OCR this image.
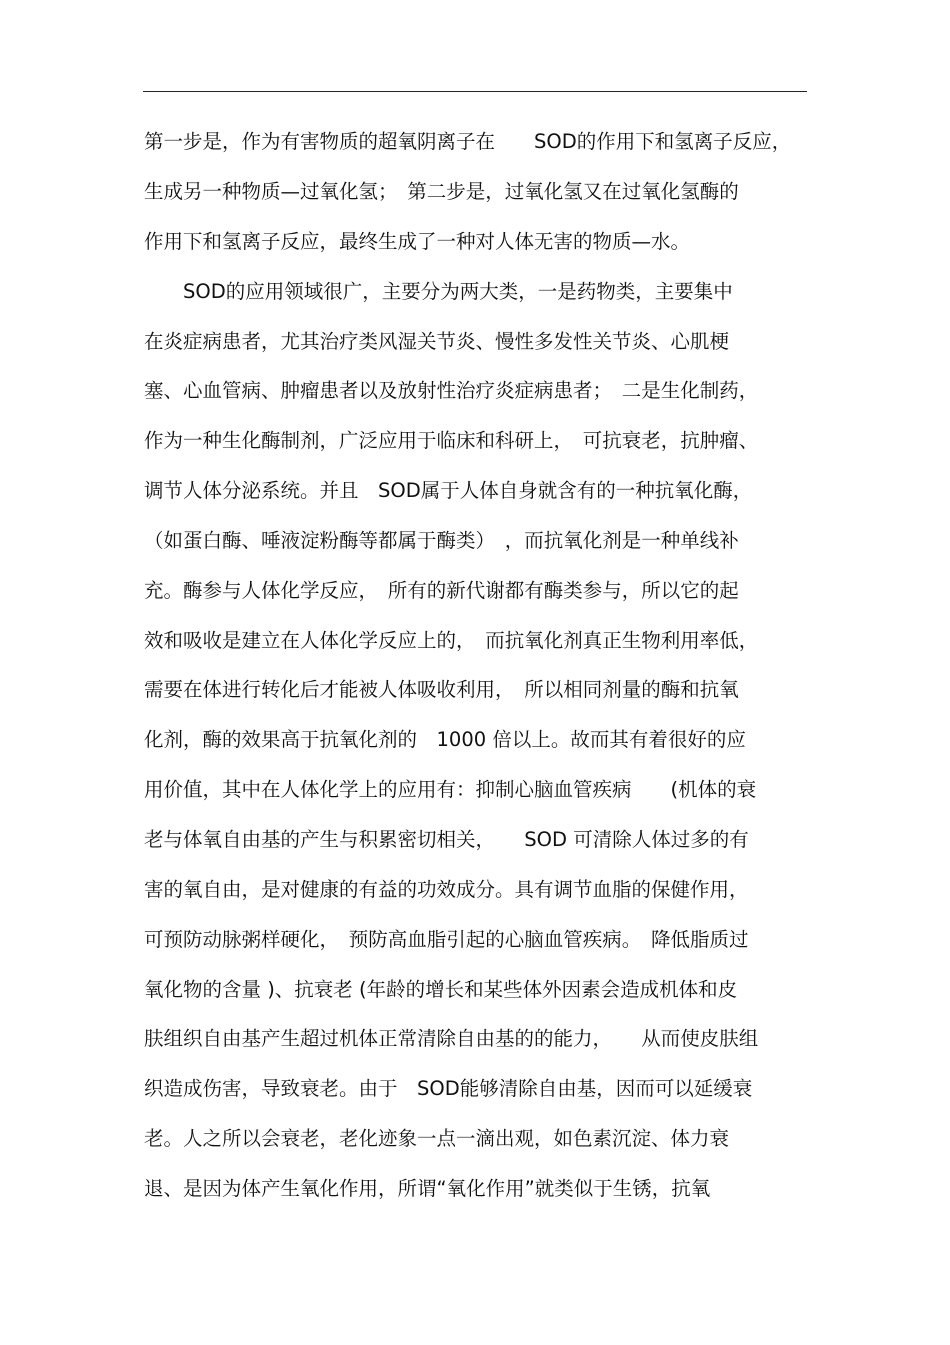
第一步是，作为有害物质的超氧阴离子在　　SOD的作用下和氢离子反应，
生成另一种物质—过氧化氢；　第二步是，过氧化氢又在过氧化氢酶的
作用下和氢离子反应，最终生成了一种对人体无害的物质—水。
　　SOD的应用领域很广，主要分为两大类，一是药物类，主要集中
在炎症病患者，尤其治疗类风湿关节炎、慢性多发性关节炎、心肌梗
塞、心血管病、肿瘤患者以及放射性治疗炎症病患者；　二是生化制药，
作为一种生化酶制剂，广泛应用于临床和科研上，　可抗衰老，抗肿瘤、
调节人体分泌系统。并且　SOD属于人体自身就含有的一种抗氧化酶，
（如蛋白酶、唾液淀粉酶等都属于酶类）　，而抗氧化剂是一种单线补
充。酶参与人体化学反应，　所有的新代谢都有酶类参与，所以它的起
效和吸收是建立在人体化学反应上的，　而抗氧化剂真正生物利用率低，
需要在体进行转化后才能被人体吸收利用，　所以相同剂量的酶和抗氧
化剂，酶的效果高于抗氧化剂的　1000 倍以上。故而其有着很好的应
用价值，其中在人体化学上的应用有：抑制心脑血管疾病　　(机体的衰
老与体氧自由基的产生与积累密切相关，　　SOD 可清除人体过多的有
害的氧自由，是对健康的有益的功效成分。具有调节血脂的保健作用，
可预防动脉粥样硬化，　预防高血脂引起的心脑血管疾病。　降低脂质过
氧化物的含量 )、抗衰老 (年龄的增长和某些体外因素会造成机体和皮
肤组织自由基产生超过机体正常清除自由基的的能力，　　从而使皮肤组
织造成伤害，导致衰老。由于　SOD能够清除自由基，因而可以延缓衰
老。人之所以会衰老，老化迹象一点一滴出观，如色素沉淀、体力衰
退、是因为体产生氧化作用，所谓“氧化作用”就类似于生锈，抗氧
